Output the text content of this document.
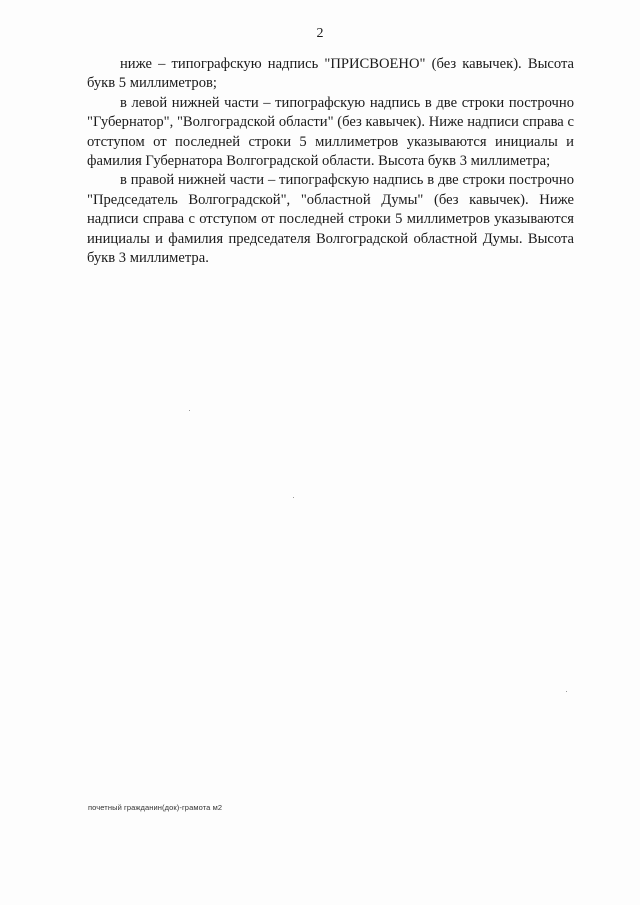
2

ниже – типографскую надпись "ПРИСВОЕНО" (без кавычек). Высота букв 5 миллиметров;

в левой нижней части – типографскую надпись в две строки построчно "Губернатор", "Волгоградской области" (без кавычек). Ниже надписи справа с отступом от последней строки 5 миллиметров указываются инициалы и фамилия Губернатора Волгоградской области. Высота букв 3 миллиметра;

в правой нижней части – типографскую надпись в две строки построчно "Председатель Волгоградской", "областной Думы" (без кавычек). Ниже надписи справа с отступом от последней строки 5 миллиметров указываются инициалы и фамилия председателя Волгоградской областной Думы. Высота букв 3 миллиметра.

почетный гражданин(док)-грамота м2
